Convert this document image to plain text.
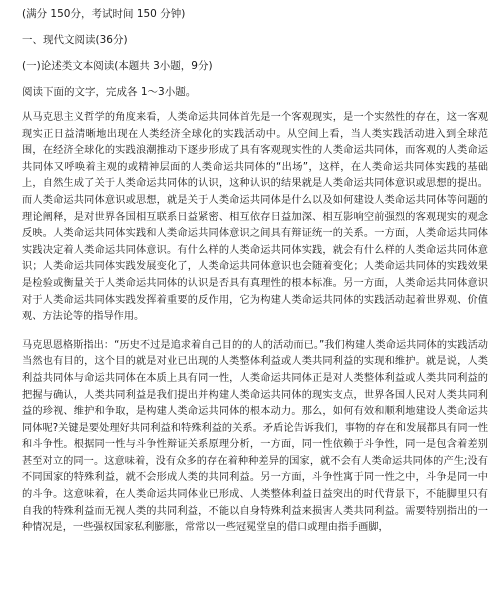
(满分 150分，考试时间 150 分钟)
一、现代文阅读(36分)
(一)论述类文本阅读(本题共 3小题，9分)
阅读下面的文字，完成各 1～3小题。

从马克思主义哲学的角度来看，人类命运共同体首先是一个客观现实，是一个实然性的存在，这一客观现实正日益清晰地出现在人类经济全球化的实践活动中。从空间上看，当人类实践活动进入到全球范围，在经济全球化的实践浪潮推动下逐步形成了具有客观现实性的人类命运共同体，而客观的人类命运共同体又呼唤着主观的或精神层面的人类命运共同体的“出场”，这样，在人类命运共同体实践的基础上，自然生成了关于人类命运共同体的认识，这种认识的结果就是人类命运共同体意识或思想的提出。而人类命运共同体意识或思想，就是关于人类命运共同体是什么以及如何建设人类命运共同体等问题的理论阐释，是对世界各国相互联系日益紧密、相互依存日益加深、相互影响空前强烈的客观现实的观念反映。人类命运共同体实践和人类命运共同体意识之间具有辩证统一的关系。一方面，人类命运共同体实践决定着人类命运共同体意识。有什么样的人类命运共同体实践，就会有什么样的人类命运共同体意识；人类命运共同体实践发展变化了，人类命运共同体意识也会随着变化；人类命运共同体的实践效果是检验或衡量关于人类命运共同体的认识是否具有真理性的根本标准。另一方面，人类命运共同体意识对于人类命运共同体实践发挥着重要的反作用，它为构建人类命运共同体的实践活动起着世界观、价值观、方法论等的指导作用。

马克思恩格斯指出：“历史不过是追求着自己目的的人的活动而已。”我们构建人类命运共同体的实践活动当然也有目的，这个目的就是对业已出现的人类整体利益或人类共同利益的实现和维护。就是说，人类利益共同体与命运共同体在本质上具有同一性，人类命运共同体正是对人类整体利益或人类共同利益的把握与确认，人类共同利益是我们提出并构建人类命运共同体的现实支点，世界各国人民对人类共同利益的珍视、维护和争取，是构建人类命运共同体的根本动力。那么，如何有效和顺利地建设人类命运共同体呢?关键是要处理好共同利益和特殊利益的关系。矛盾论告诉我们，事物的存在和发展都具有同一性和斗争性。根据同一性与斗争性辩证关系原理分析，一方面，同一性依赖于斗争性，同一是包含着差别甚至对立的同一。这意味着，没有众多的存在着种种差异的国家，就不会有人类命运共同体的产生;没有不同国家的特殊利益，就不会形成人类的共同利益。另一方面，斗争性寓于同一性之中，斗争是同一中的斗争。这意味着，在人类命运共同体业已形成、人类整体利益日益突出的时代背景下，不能脚里只有自我的特殊利益而无视人类的共同利益，不能以自身特殊利益来损害人类共同利益。需要特别指出的一种情况是，一些强权国家私利膨胀，常常以一些冠冕堂皇的借口或理由指手画脚，
